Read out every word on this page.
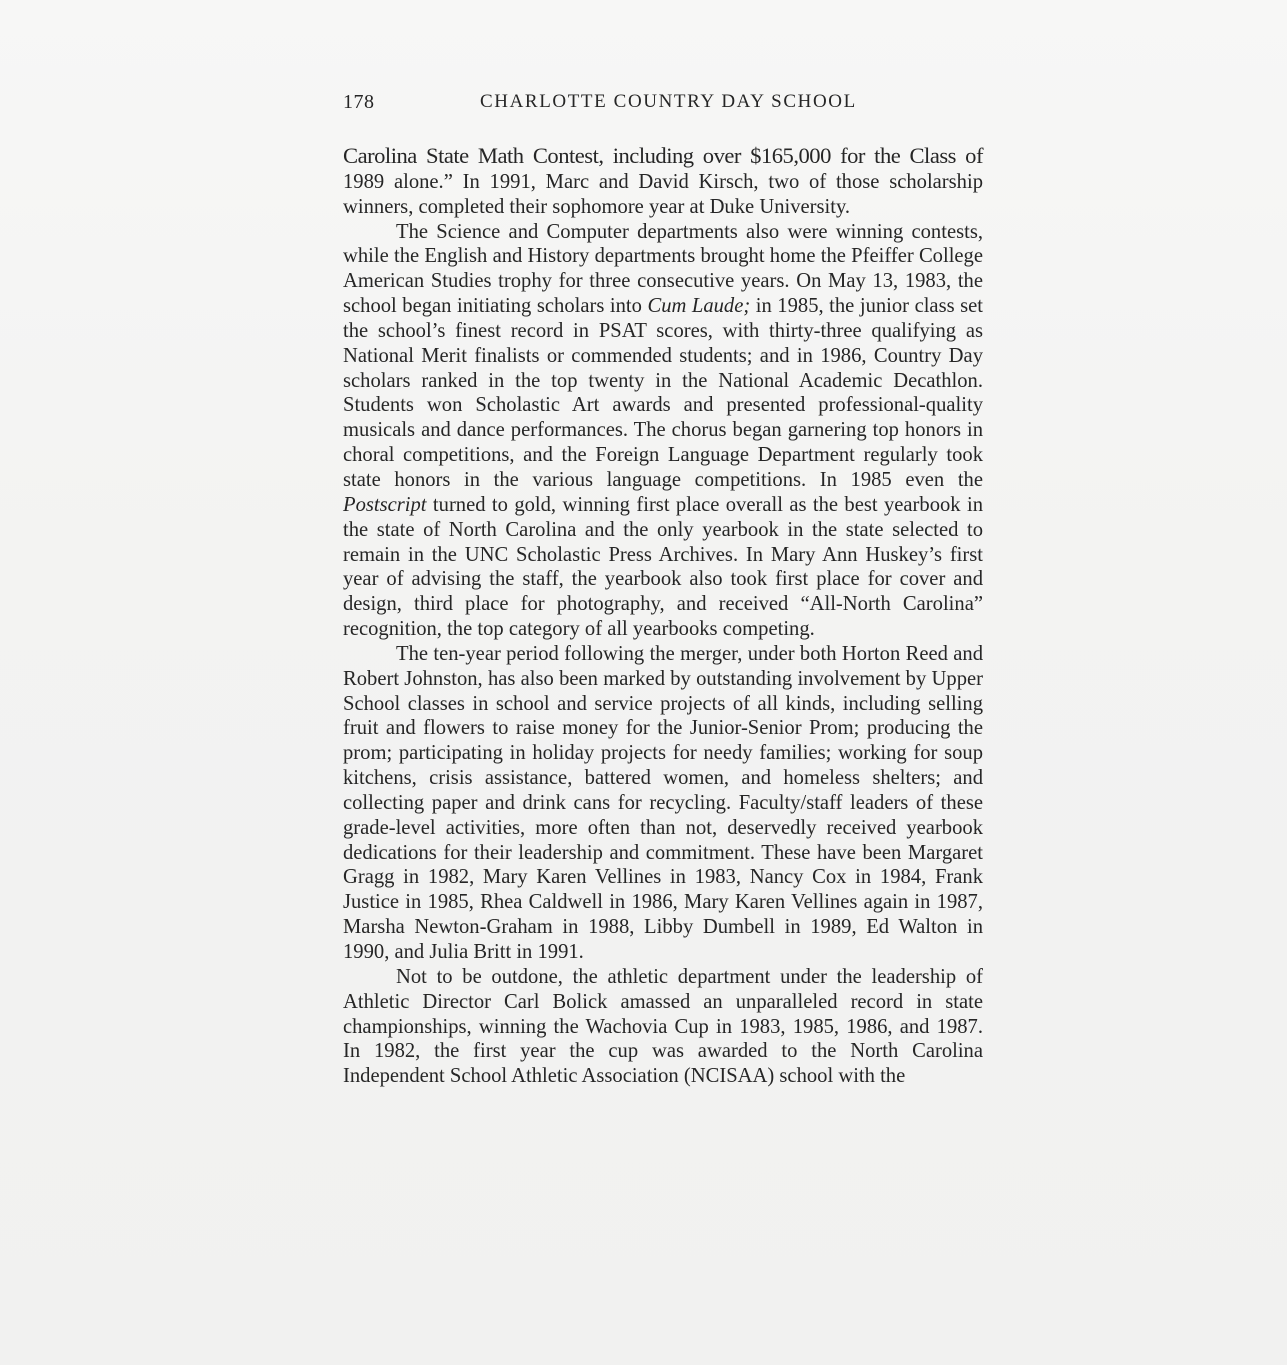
178	CHARLOTTE COUNTRY DAY SCHOOL

Carolina State Math Contest, including over $165,000 for the Class of 1989 alone.” In 1991, Marc and David Kirsch, two of those scholarship winners, completed their sophomore year at Duke University.

The Science and Computer departments also were winning contests, while the English and History departments brought home the Pfeiffer College American Studies trophy for three consecutive years. On May 13, 1983, the school began initiating scholars into Cum Laude; in 1985, the junior class set the school’s finest record in PSAT scores, with thirty-three qualifying as National Merit finalists or commended students; and in 1986, Country Day scholars ranked in the top twenty in the National Academic Decathlon. Students won Scholastic Art awards and presented professional-quality musicals and dance performances. The chorus began garnering top honors in choral competitions, and the Foreign Language Department regularly took state honors in the various language competitions. In 1985 even the Postscript turned to gold, winning first place overall as the best yearbook in the state of North Carolina and the only yearbook in the state selected to remain in the UNC Scholastic Press Archives. In Mary Ann Huskey’s first year of advising the staff, the yearbook also took first place for cover and design, third place for photography, and received “All-North Carolina” recognition, the top category of all yearbooks competing.

The ten-year period following the merger, under both Horton Reed and Robert Johnston, has also been marked by outstanding involvement by Upper School classes in school and service projects of all kinds, including selling fruit and flowers to raise money for the Junior-Senior Prom; producing the prom; participating in holiday projects for needy families; working for soup kitchens, crisis assistance, battered women, and homeless shelters; and collecting paper and drink cans for recycling. Faculty/staff leaders of these grade-level activities, more often than not, deservedly received yearbook dedications for their leadership and commitment. These have been Margaret Gragg in 1982, Mary Karen Vellines in 1983, Nancy Cox in 1984, Frank Justice in 1985, Rhea Caldwell in 1986, Mary Karen Vellines again in 1987, Marsha Newton-Graham in 1988, Libby Dumbell in 1989, Ed Walton in 1990, and Julia Britt in 1991.

Not to be outdone, the athletic department under the leadership of Athletic Director Carl Bolick amassed an unparalleled record in state championships, winning the Wachovia Cup in 1983, 1985, 1986, and 1987. In 1982, the first year the cup was awarded to the North Carolina Independent School Athletic Association (NCISAA) school with the
